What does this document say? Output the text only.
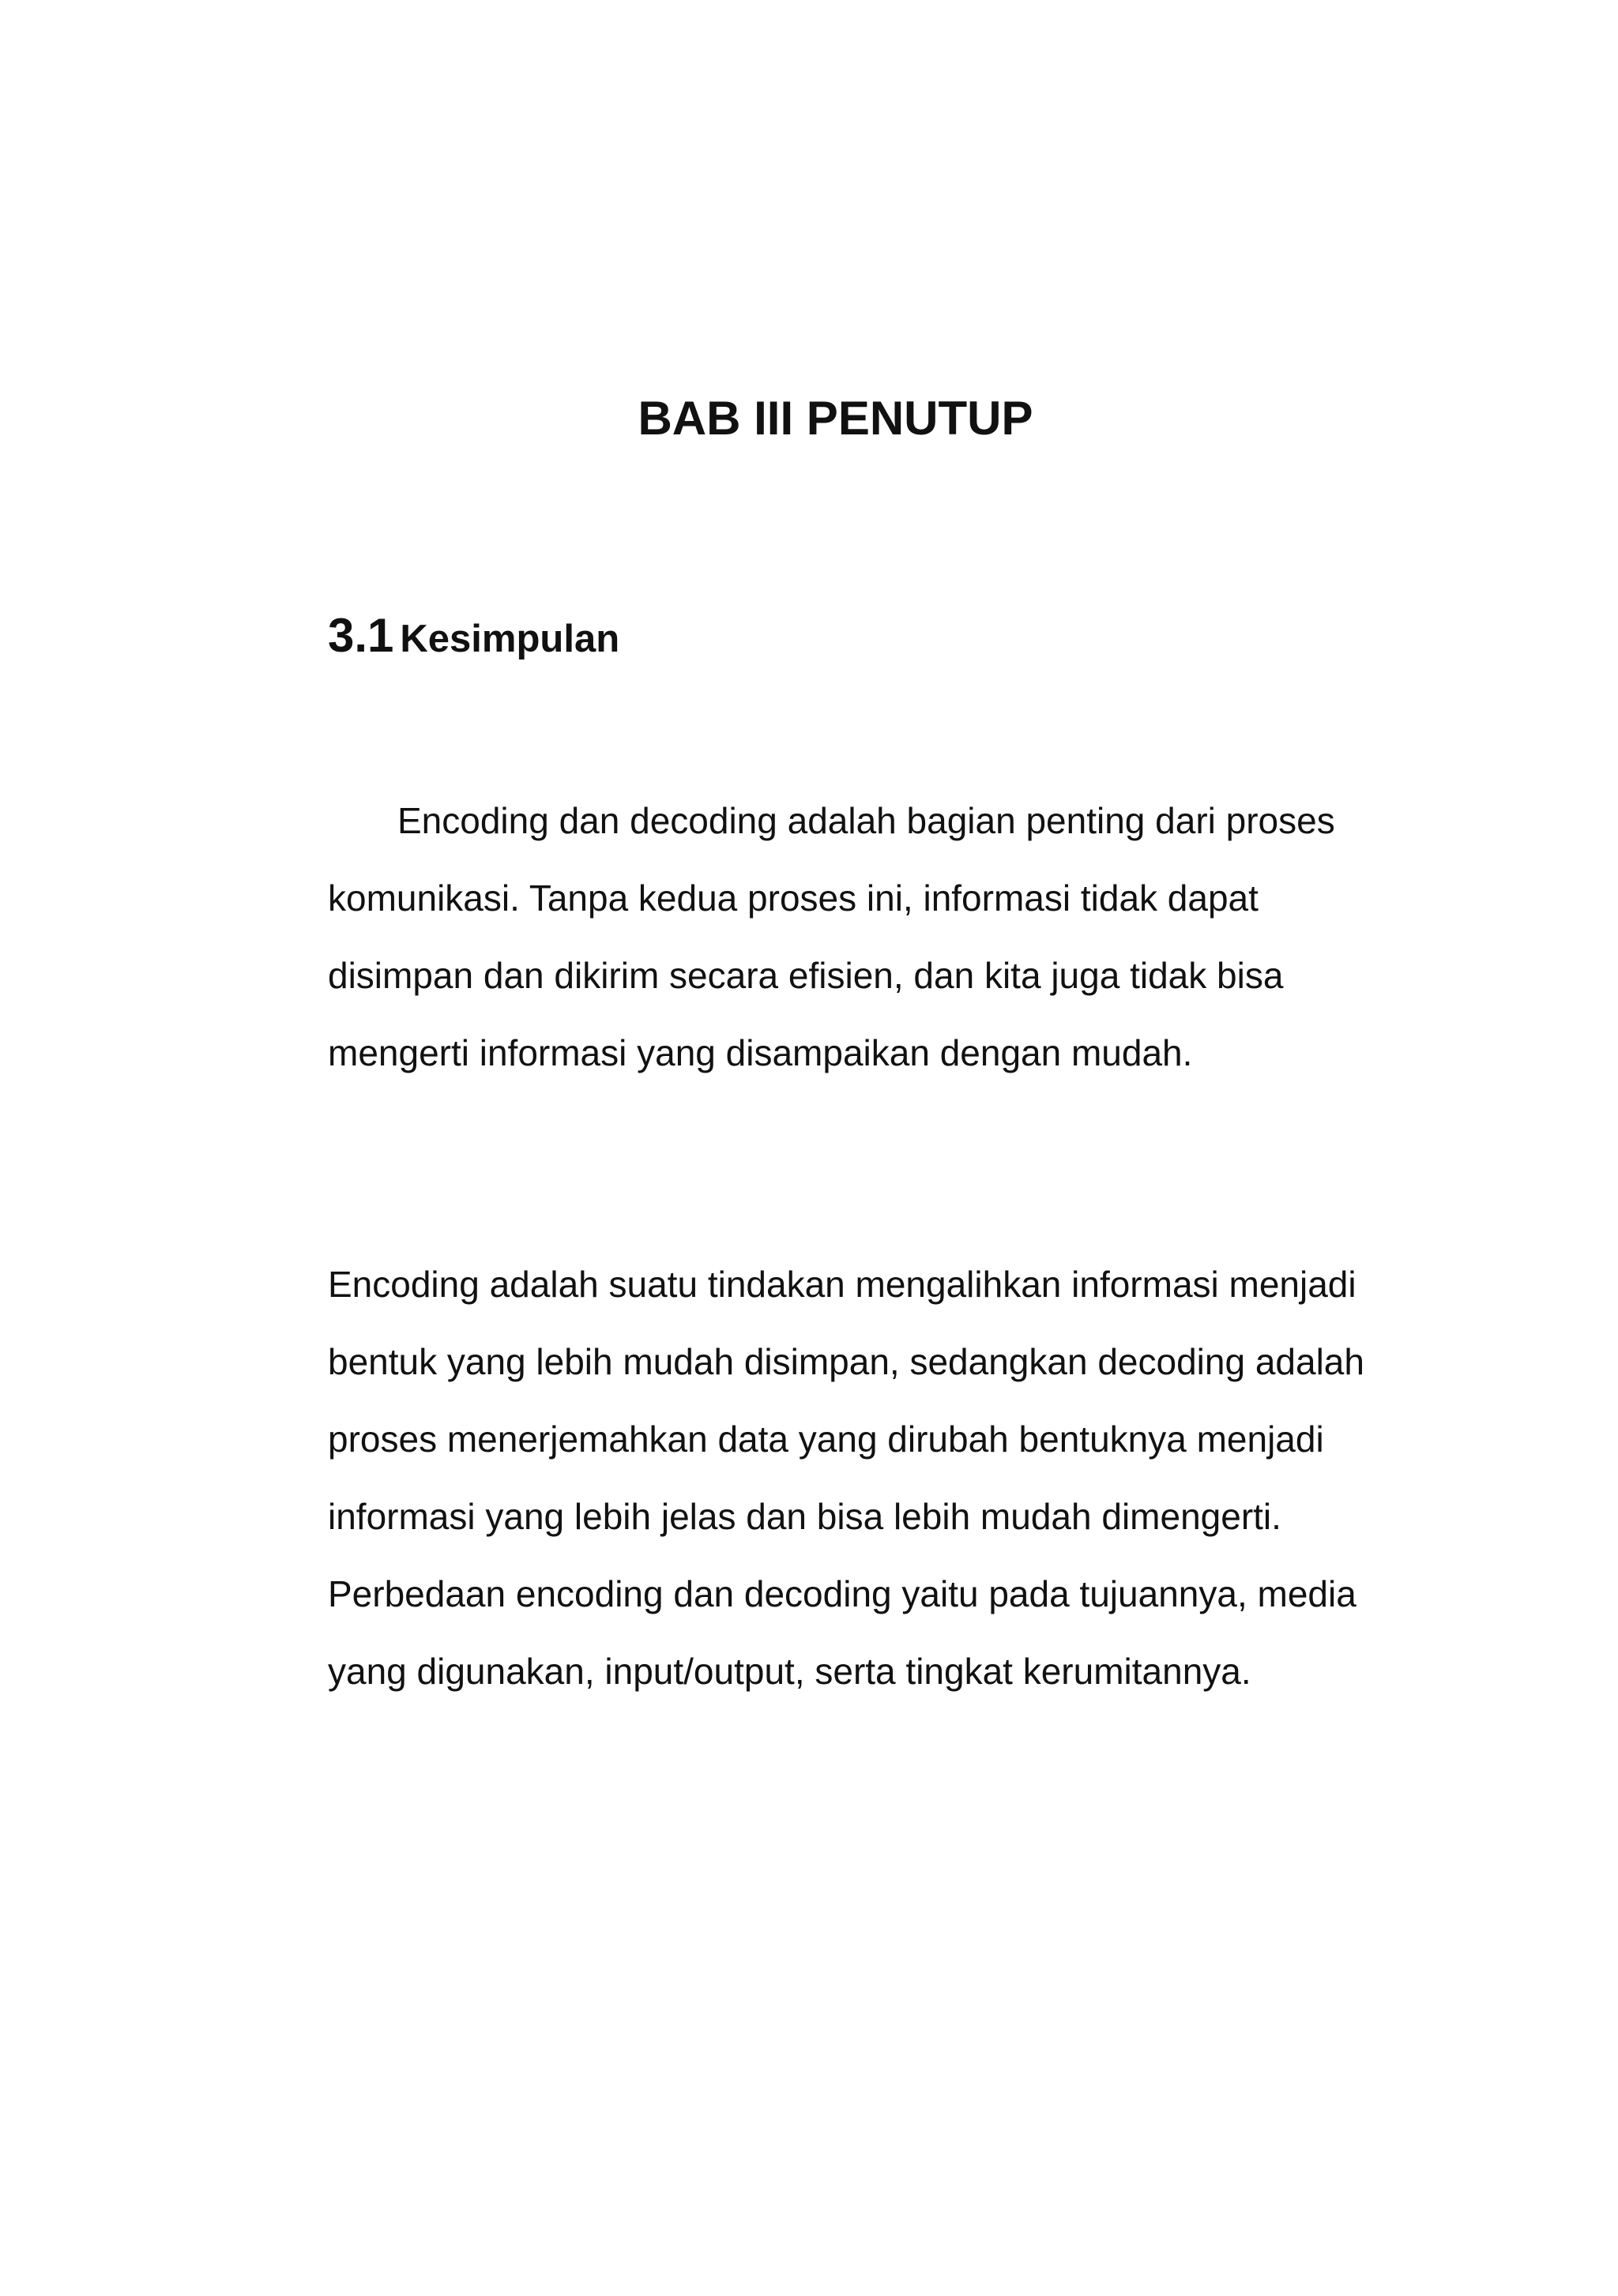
BAB III PENUTUP
3.1 Kesimpulan

Encoding dan decoding adalah bagian penting dari proses komunikasi. Tanpa kedua proses ini, informasi tidak dapat disimpan dan dikirim secara efisien, dan kita juga tidak bisa mengerti informasi yang disampaikan dengan mudah.

Encoding adalah suatu tindakan mengalihkan informasi menjadi bentuk yang lebih mudah disimpan, sedangkan decoding adalah proses menerjemahkan data yang dirubah bentuknya menjadi informasi yang lebih jelas dan bisa lebih mudah dimengerti. Perbedaan encoding dan decoding yaitu pada tujuannya, media yang digunakan, input/output, serta tingkat kerumitannya.
